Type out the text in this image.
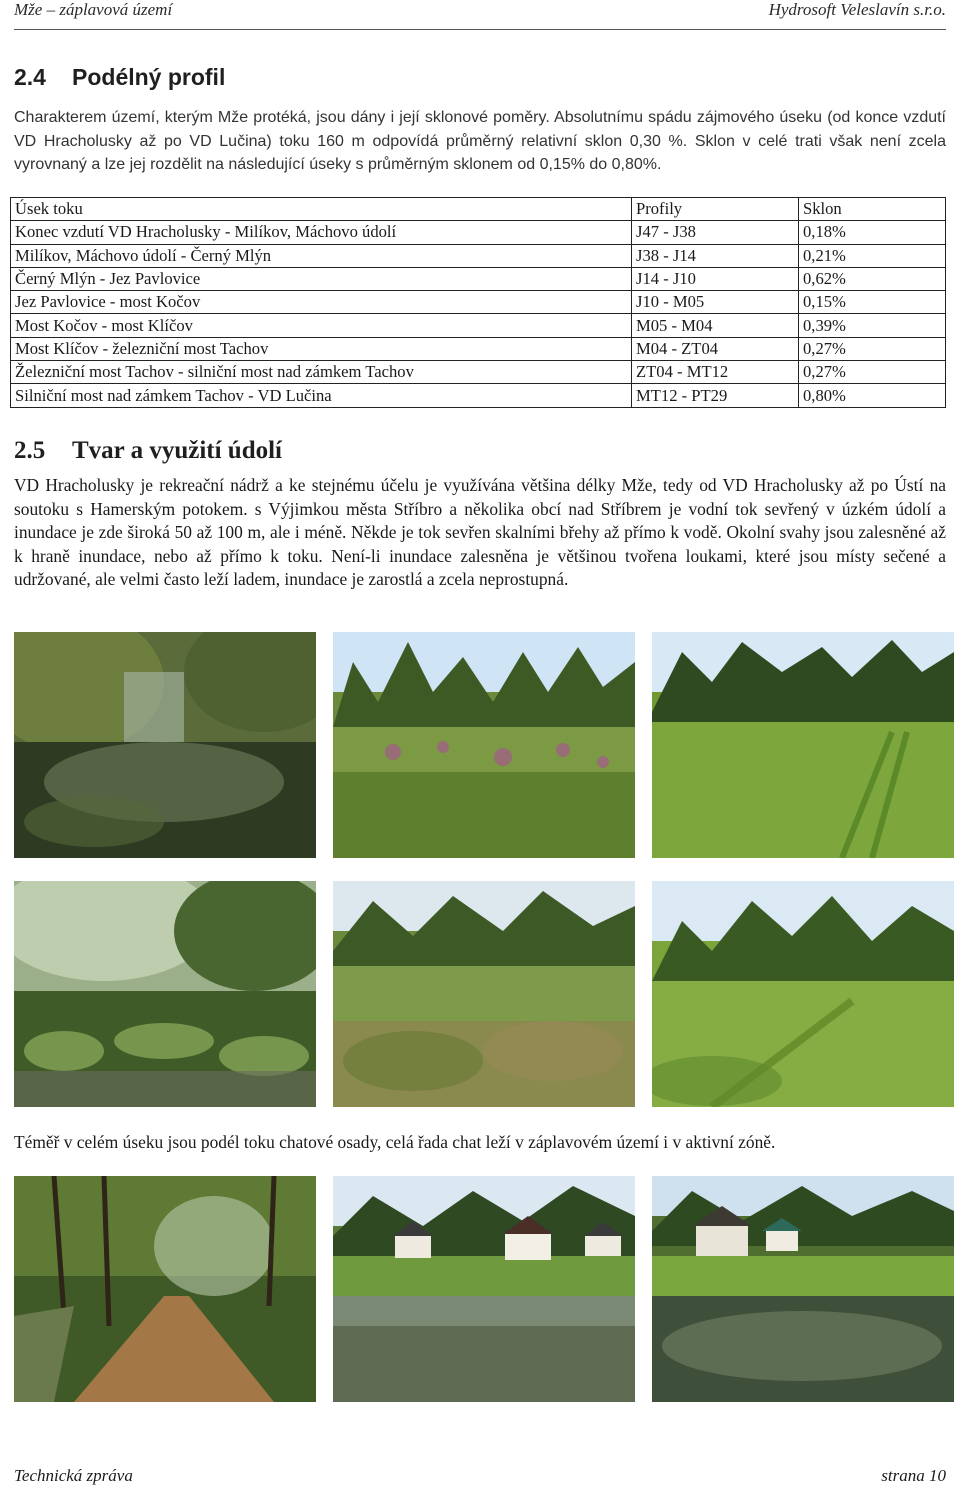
Mže – záplavová území	Hydrosoft Veleslavín s.r.o.
2.4 Podélný profil

Charakterem území, kterým Mže protéká, jsou dány i její sklonové poměry. Absolutnímu spádu zájmového úseku (od konce vzdutí VD Hracholusky až po VD Lučina) toku 160 m odpovídá průměrný relativní sklon 0,30 %. Sklon v celé trati však není zcela vyrovnaný a lze jej rozdělit na následující úseky s průměrným sklonem od 0,15% do 0,80%.

Úsek toku	Profily	Sklon
Konec vzdutí VD Hracholusky - Milíkov, Máchovo údolí	J47 - J38	0,18%
Milíkov, Máchovo údolí - Černý Mlýn	J38 - J14	0,21%
Černý Mlýn - Jez Pavlovice	J14 - J10	0,62%
Jez Pavlovice - most Kočov	J10 - M05	0,15%
Most Kočov - most Klíčov	M05 - M04	0,39%
Most Klíčov - železniční most Tachov	M04 - ZT04	0,27%
Železniční most Tachov - silniční most nad zámkem Tachov	ZT04 - MT12	0,27%
Silniční most nad zámkem Tachov - VD Lučina	MT12 - PT29	0,80%
2.5 Tvar a využití údolí

VD Hracholusky je rekreační nádrž a ke stejnému účelu je využívána většina délky Mže, tedy od VD Hracholusky až po Ústí na soutoku s Hamerským potokem. s Výjimkou města Stříbro a několika obcí nad Stříbrem je vodní tok sevřený v úzkém údolí a inundace je zde široká 50 až 100 m, ale i méně. Někde je tok sevřen skalními břehy až přímo k vodě. Okolní svahy jsou zalesněné až k hraně inundace, nebo až přímo k toku. Není-li inundace zalesněna je většinou tvořena loukami, které jsou místy sečené a udržované, ale velmi často leží ladem, inundace je zarostlá a zcela neprostupná.

Téměř v celém úseku jsou podél toku chatové osady, celá řada chat leží v záplavovém území i v aktivní zóně.

Technická zpráva	strana 10
